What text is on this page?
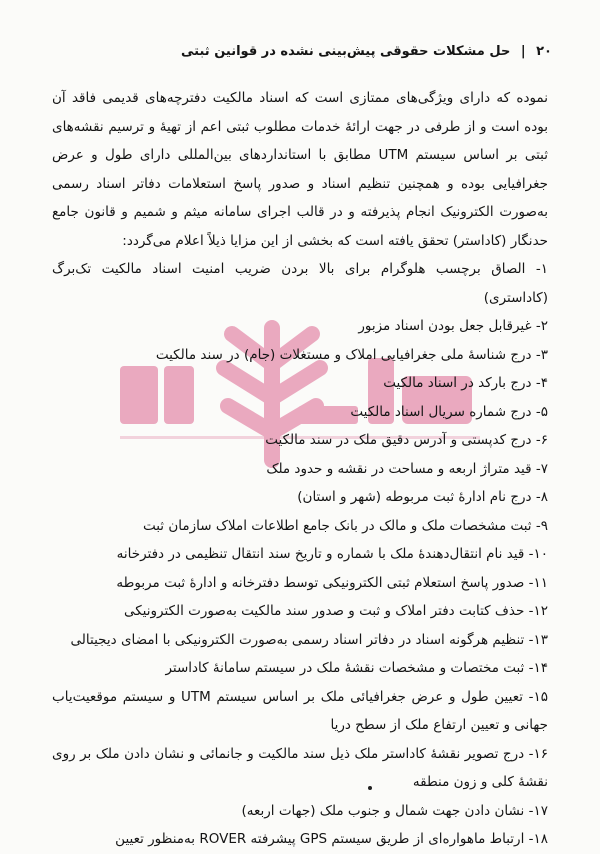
۲۰ | حل مشکلات حقوقی پیش‌بینی نشده در قوانین ثبتی

نموده که دارای ویژگی‌های ممتازی است که اسناد مالکیت دفترچه‌های قدیمی فاقد آن بوده است و از طرفی در جهت ارائهٔ خدمات مطلوب ثبتی اعم از تهیهٔ و ترسیم نقشه‌های ثبتی بر اساس سیستم UTM مطابق با استانداردهای بین‌المللی دارای طول و عرض جغرافیایی بوده و همچنین تنظیم اسناد و صدور پاسخ استعلامات دفاتر اسناد رسمی به‌صورت الکترونیک انجام پذیرفته و در قالب اجرای سامانه میثم و شمیم و قانون جامع حدنگار (کاداستر) تحقق یافته است که بخشی از این مزایا ذیلاً اعلام می‌گردد:

۱- الصاق برچسب هلوگرام برای بالا بردن ضریب امنیت اسناد مالکیت تک‌برگ (کاداستری)

۲- غیرقابل جعل بودن اسناد مزبور

۳- درج شناسهٔ ملی جغرافیایی املاک و مستغلات (جام) در سند مالکیت

۴- درج بارکد در اسناد مالکیت

۵- درج شماره سریال اسناد مالکیت

۶- درج کدپستی و آدرس دقیق ملک در سند مالکیت

۷- قید متراژ اربعه و مساحت در نقشه و حدود ملک

۸- درج نام ادارهٔ ثبت مربوطه (شهر و استان)

۹- ثبت مشخصات ملک و مالک در بانک جامع اطلاعات املاک سازمان ثبت

۱۰- قید نام انتقال‌دهندهٔ ملک با شماره و تاریخ سند انتقال تنظیمی در دفترخانه

۱۱- صدور پاسخ استعلام ثبتی الکترونیکی توسط دفترخانه و ادارهٔ ثبت مربوطه

۱۲- حذف کتابت دفتر املاک و ثبت و صدور سند مالکیت به‌صورت الکترونیکی

۱۳- تنظیم هرگونه اسناد در دفاتر اسناد رسمی به‌صورت الکترونیکی با امضای دیجیتالی

۱۴- ثبت مختصات و مشخصات نقشهٔ ملک در سیستم سامانهٔ کاداستر

۱۵- تعیین طول و عرض جغرافیائی ملک بر اساس سیستم UTM و سیستم موقعیت‌یاب جهانی و تعیین ارتفاع ملک از سطح دریا

۱۶- درج تصویر نقشهٔ کاداستر ملک ذیل سند مالکیت و جانمائی و نشان دادن ملک بر روی نقشهٔ کلی و زون منطقه

۱۷- نشان دادن جهت شمال و جنوب ملک (جهات اربعه)

۱۸- ارتباط ماهواره‌ای از طریق سیستم GPS پیشرفته ROVER به‌منظور تعیین
